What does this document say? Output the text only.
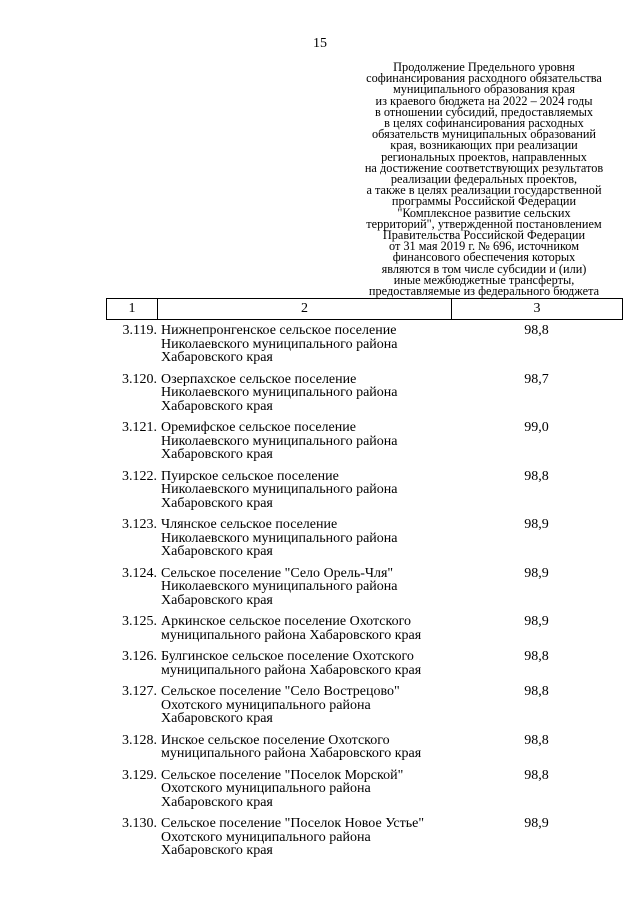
15
Продолжение Предельного уровня
софинансирования расходного обязательства
муниципального образования края
из краевого бюджета на 2022 – 2024 годы
в отношении субсидий, предоставляемых
в целях софинансирования расходных
обязательств муниципальных образований
края, возникающих при реализации
региональных проектов, направленных
на достижение соответствующих результатов
реализации федеральных проектов,
а также в целях реализации государственной
программы Российской Федерации
"Комплексное развитие сельских
территорий", утвержденной постановлением
Правительства Российской Федерации
от 31 мая 2019 г. № 696, источником
финансового обеспечения которых
являются в том числе субсидии и (или)
иные межбюджетные трансферты,
предоставляемые из федерального бюджета
1	2	3
3.119. Нижнепронгенское сельское поселение
Николаевского муниципального района
Хабаровского края
98,8
3.120. Озерпахское сельское поселение
Николаевского муниципального района
Хабаровского края
98,7
3.121. Оремифское сельское поселение
Николаевского муниципального района
Хабаровского края
99,0
3.122. Пуирское сельское поселение
Николаевского муниципального района
Хабаровского края
98,8
3.123. Члянское сельское поселение
Николаевского муниципального района
Хабаровского края
98,9
3.124. Сельское поселение "Село Орель-Чля"
Николаевского муниципального района
Хабаровского края
98,9
3.125. Аркинское сельское поселение Охотского
муниципального района Хабаровского края
98,9
3.126. Булгинское сельское поселение Охотского
муниципального района Хабаровского края
98,8
3.127. Сельское поселение "Село Вострецово"
Охотского муниципального района
Хабаровского края
98,8
3.128. Инское сельское поселение Охотского
муниципального района Хабаровского края
98,8
3.129. Сельское поселение "Поселок Морской"
Охотского муниципального района
Хабаровского края
98,8
3.130. Сельское поселение "Поселок Новое Устье"
Охотского муниципального района
Хабаровского края
98,9
